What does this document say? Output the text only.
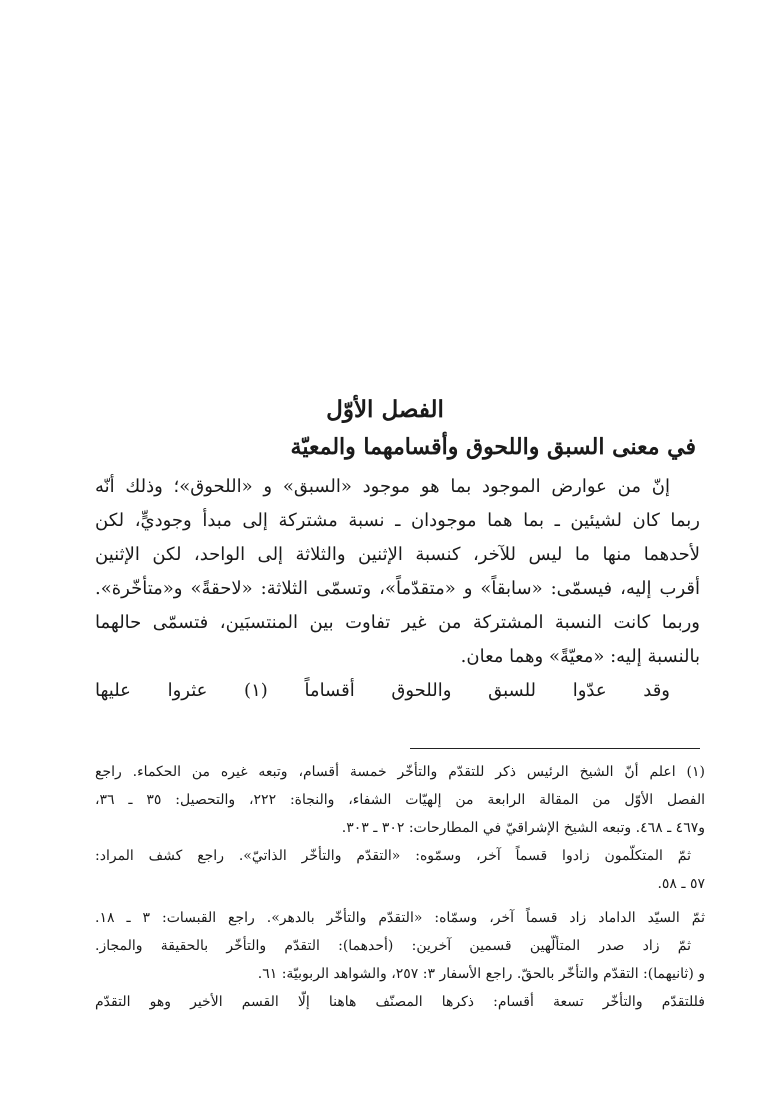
الفصل الأوّل
في معنى السبق واللحوق وأقسامهما والمعيّة
إنّ من عوارض الموجود بما هو موجود «السبق» و «اللحوق»؛ وذلك أنّه
ربما كان لشيئين ـ بما هما موجودان ـ نسبة مشتركة إلى مبدأ وجوديٍّ، لكن
لأحدهما منها ما ليس للآخر، كنسبة الإثنين والثلاثة إلى الواحد، لكن الإثنين
أقرب إليه، فيسمّى: «سابقاً» و «متقدّماً»، وتسمّى الثلاثة: «لاحقةً» و«متأخّرة».
وربما كانت النسبة المشتركة من غير تفاوت بين المنتسبَين، فتسمّى حالهما
بالنسبة إليه: «معيّةً» وهما معان.
وقد عدّوا للسبق واللحوق أقساماً (١) عثروا عليها
(١) اعلم أنّ الشيخ الرئيس ذكر للتقدّم والتأخّر خمسة أقسام، وتبعه غيره من الحكماء. راجع
الفصل الأوّل من المقالة الرابعة من إلهيّات الشفاء، والنجاة: ٢٢٢، والتحصيل: ٣٥ ـ ٣٦،
و٤٦٧ ـ ٤٦٨. وتبعه الشيخ الإشراقيّ في المطارحات: ٣٠٢ ـ ٣٠٣.
ثمّ المتكلّمون زادوا قسماً آخر، وسمّوه: «التقدّم والتأخّر الذاتيّ». راجع كشف المراد:
٥٧ ـ ٥٨.
ثمّ السيّد الداماد زاد قسماً آخر، وسمّاه: «التقدّم والتأخّر بالدهر». راجع القبسات: ٣ ـ ١٨.
ثمّ زاد صدر المتألّهين قسمين آخرين: (أحدهما): التقدّم والتأخّر بالحقيقة والمجاز.
و (ثانيهما): التقدّم والتأخّر بالحقّ. راجع الأسفار ٣: ٢٥٧، والشواهد الربوبيّة: ٦١.
فللتقدّم والتأخّر تسعة أقسام: ذكرها المصنّف هاهنا إلّا القسم الأخير وهو التقدّم
